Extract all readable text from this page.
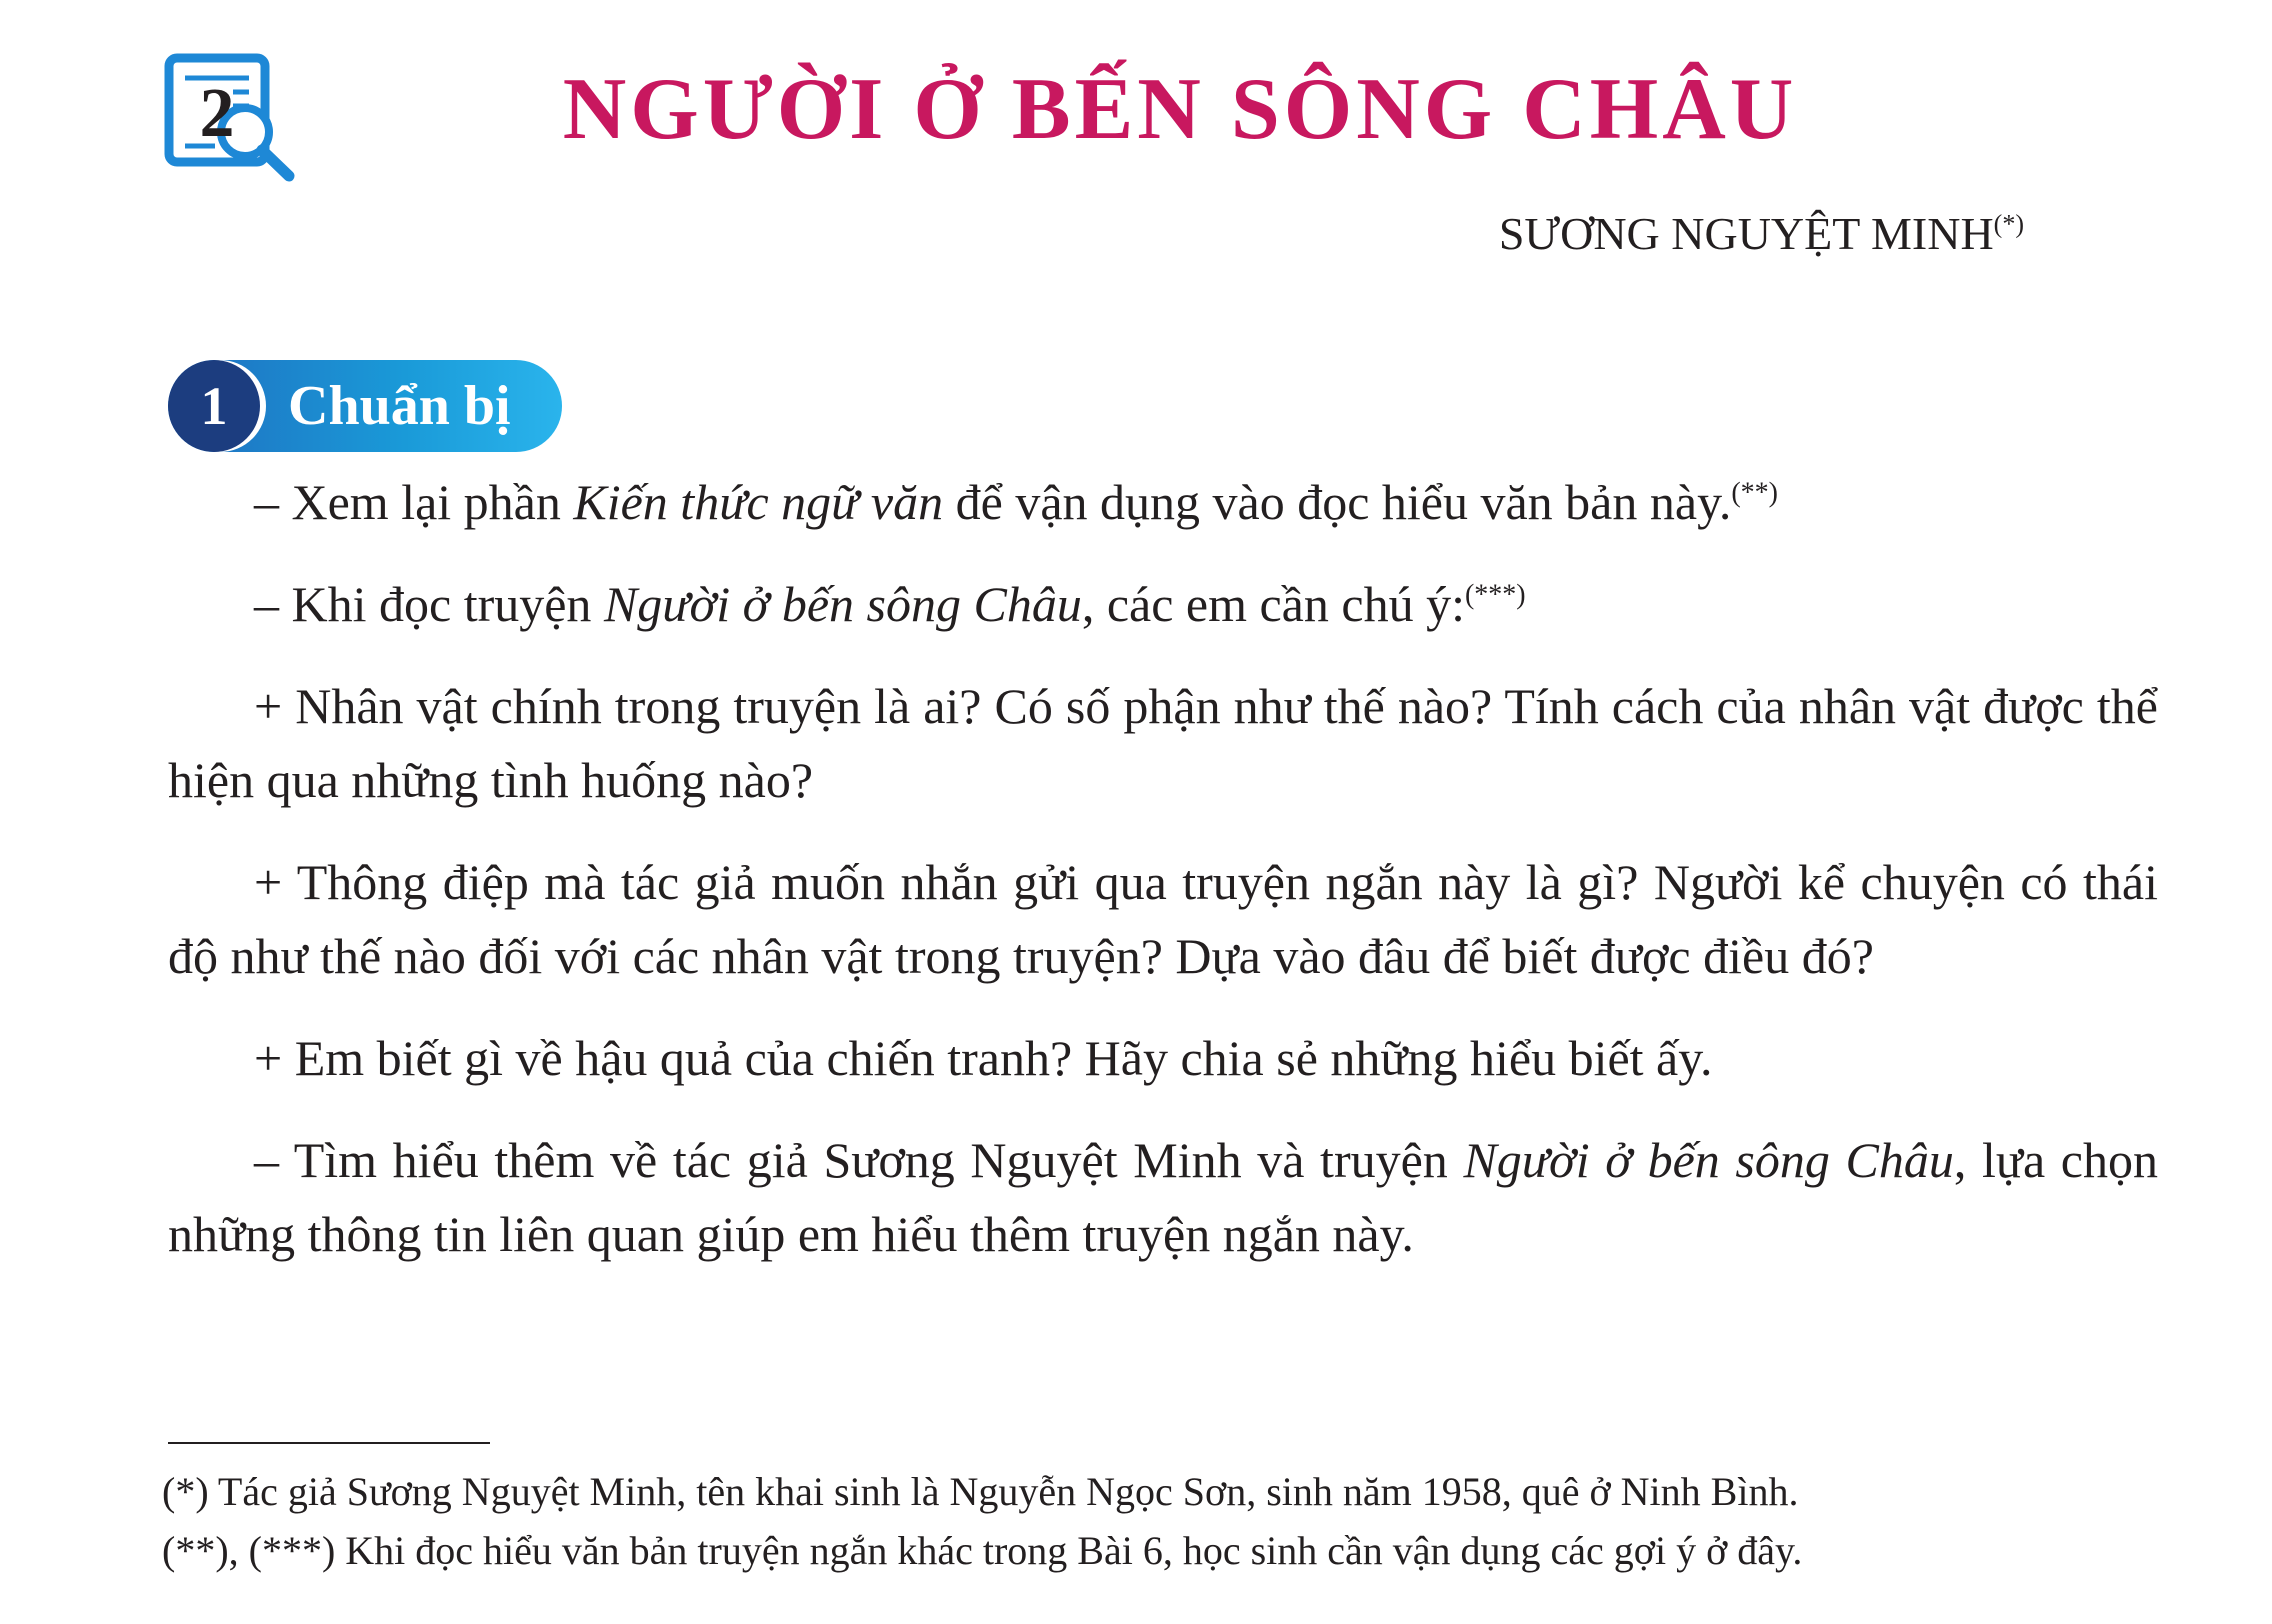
2	NGƯỜI Ở BẾN SÔNG CHÂU
SƯƠNG NGUYỆT MINH(*)
1	Chuẩn bị

– Xem lại phần Kiến thức ngữ văn để vận dụng vào đọc hiểu văn bản này.(**)

– Khi đọc truyện Người ở bến sông Châu, các em cần chú ý:(***)

+ Nhân vật chính trong truyện là ai? Có số phận như thế nào? Tính cách của nhân vật được thể hiện qua những tình huống nào?

+ Thông điệp mà tác giả muốn nhắn gửi qua truyện ngắn này là gì? Người kể chuyện có thái độ như thế nào đối với các nhân vật trong truyện? Dựa vào đâu để biết được điều đó?

+ Em biết gì về hậu quả của chiến tranh? Hãy chia sẻ những hiểu biết ấy.

– Tìm hiểu thêm về tác giả Sương Nguyệt Minh và truyện Người ở bến sông Châu, lựa chọn những thông tin liên quan giúp em hiểu thêm truyện ngắn này.

(*) Tác giả Sương Nguyệt Minh, tên khai sinh là Nguyễn Ngọc Sơn, sinh năm 1958, quê ở Ninh Bình.

(**), (***) Khi đọc hiểu văn bản truyện ngắn khác trong Bài 6, học sinh cần vận dụng các gợi ý ở đây.
